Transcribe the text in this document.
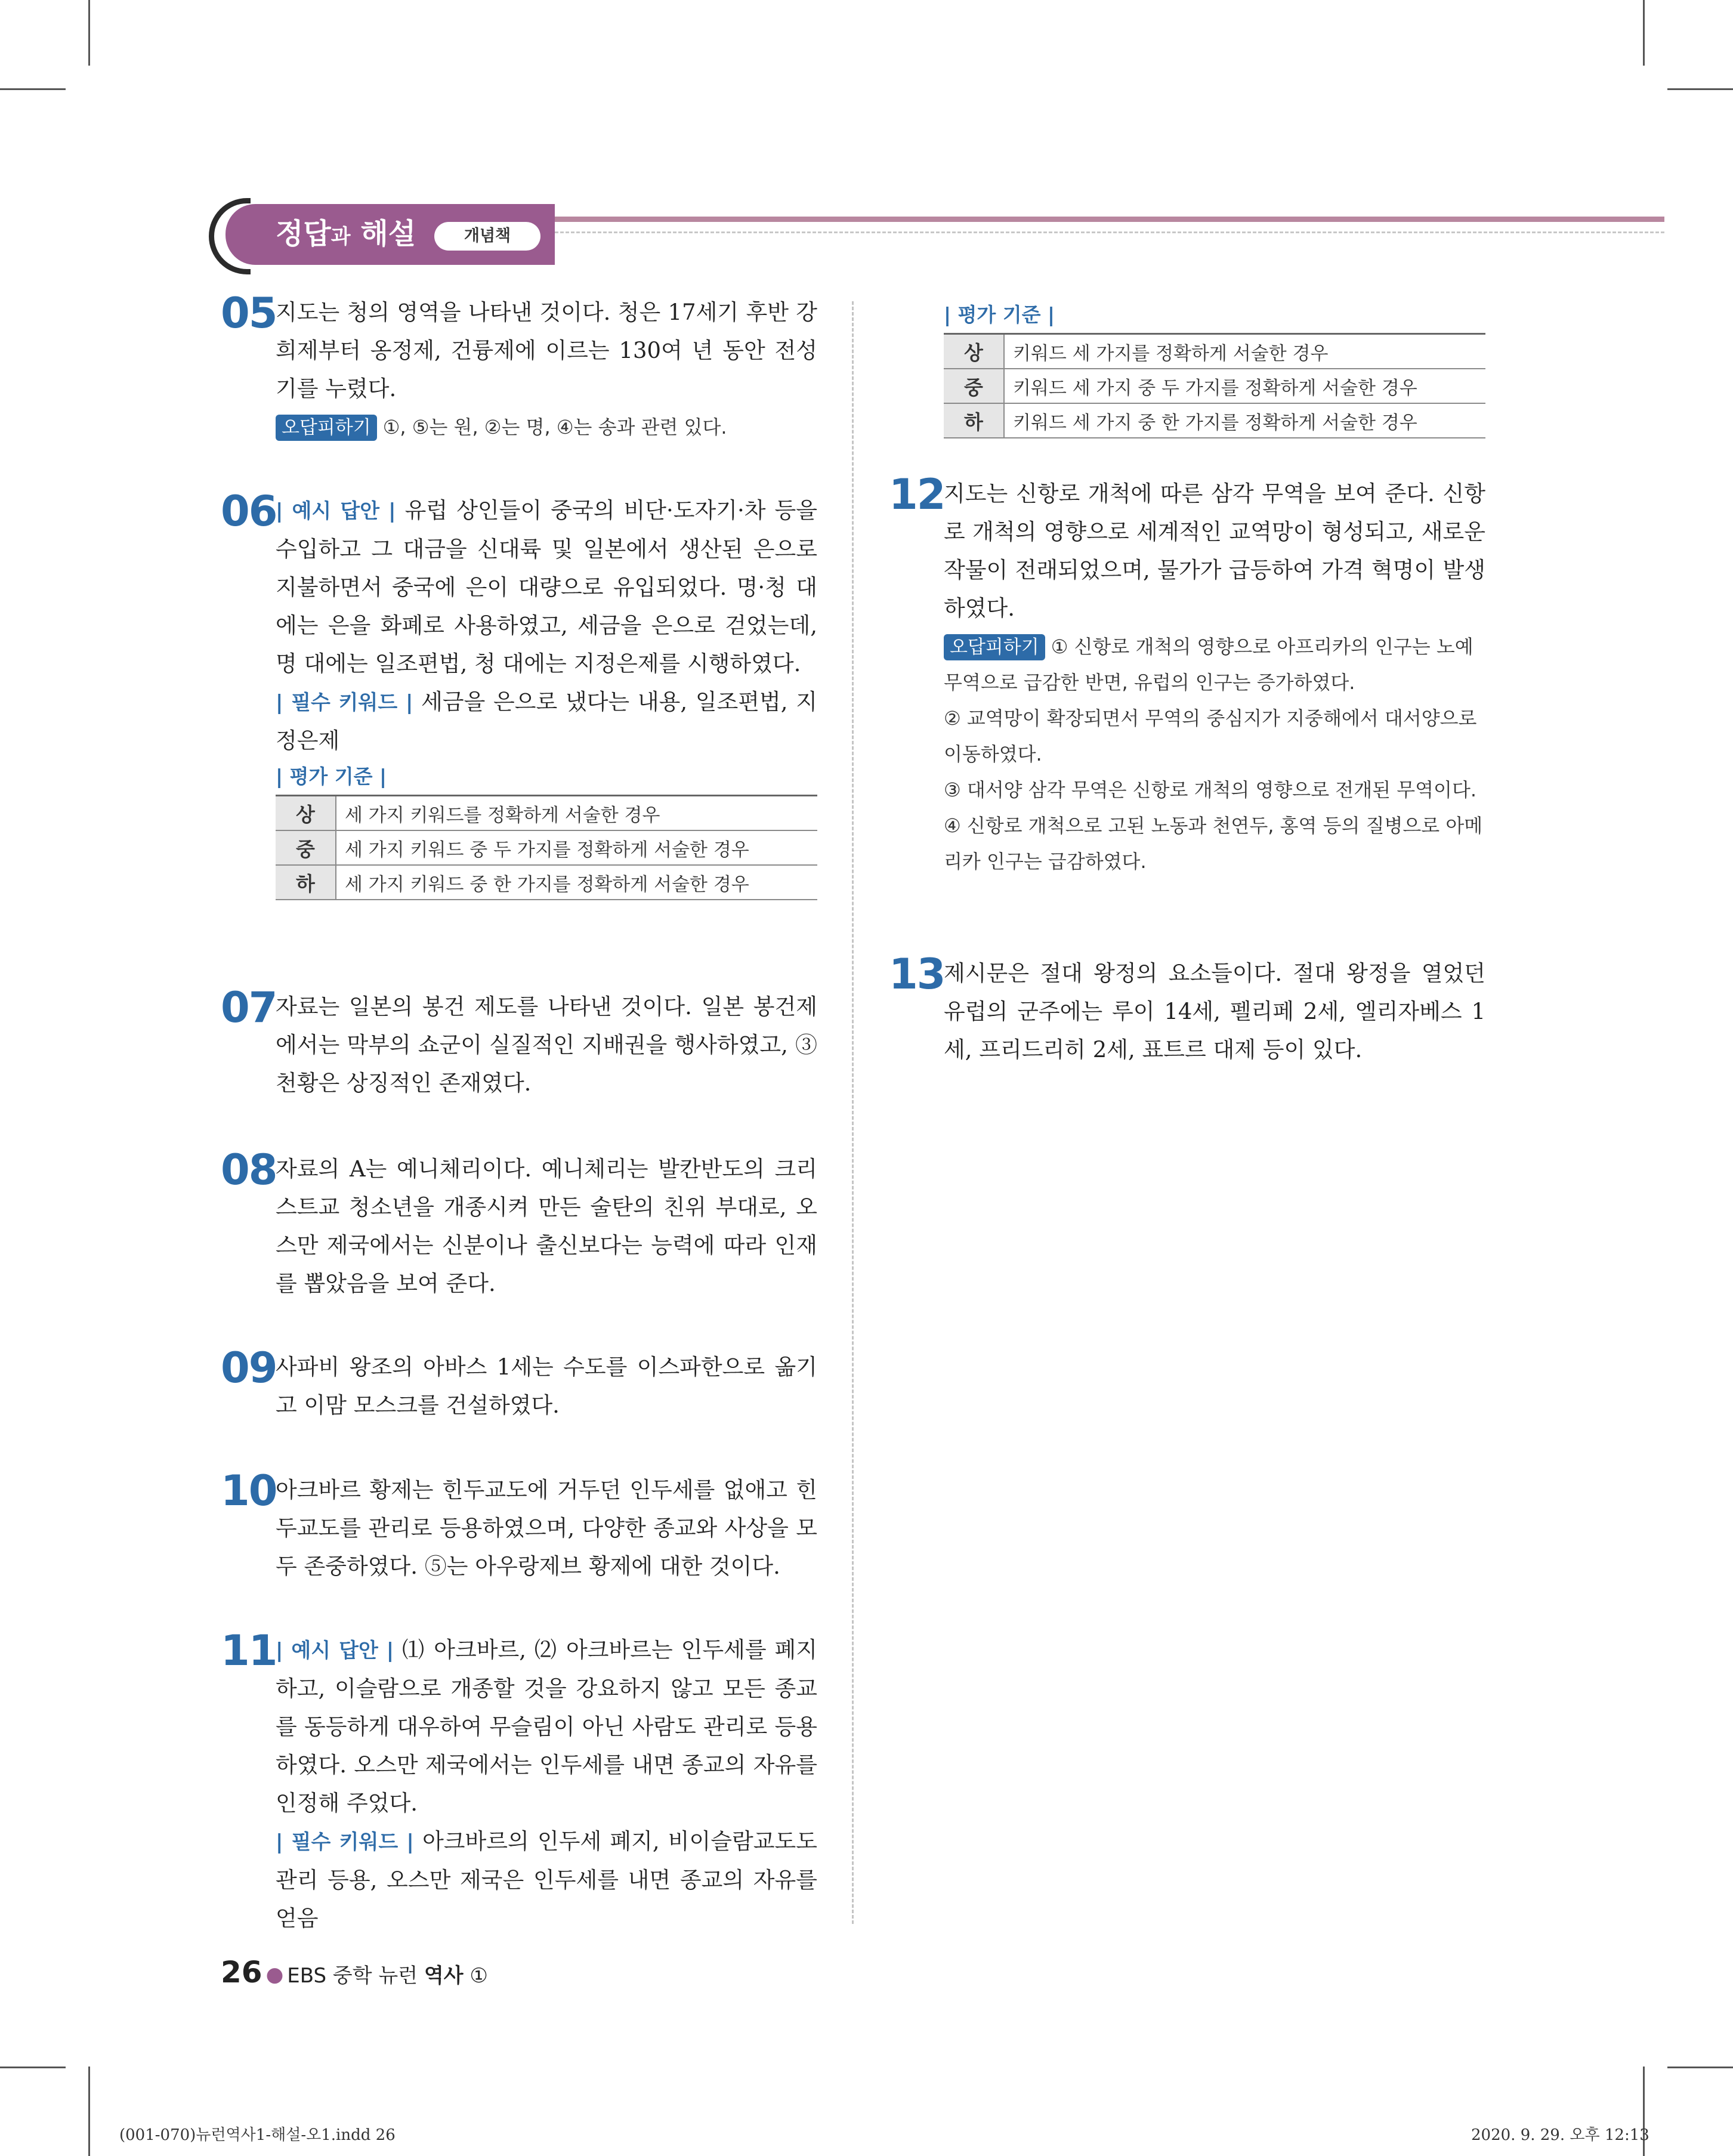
정답과 해설	개념책
05

지도는 청의 영역을 나타낸 것이다. 청은 17세기 후반 강희제부터 옹정제, 건륭제에 이르는 130여 년 동안 전성기를 누렸다.

오답피하기 ①, ⑤는 원, ②는 명, ④는 송과 관련 있다.

06

| 예시 답안 | 유럽 상인들이 중국의 비단·도자기·차 등을 수입하고 그 대금을 신대륙 및 일본에서 생산된 은으로 지불하면서 중국에 은이 대량으로 유입되었다. 명·청 대에는 은을 화폐로 사용하였고, 세금을 은으로 걷었는데, 명 대에는 일조편법, 청 대에는 지정은제를 시행하였다.

| 필수 키워드 | 세금을 은으로 냈다는 내용, 일조편법, 지정은제

| 평가 기준 |

상	세 가지 키워드를 정확하게 서술한 경우
중	세 가지 키워드 중 두 가지를 정확하게 서술한 경우
하	세 가지 키워드 중 한 가지를 정확하게 서술한 경우
07

자료는 일본의 봉건 제도를 나타낸 것이다. 일본 봉건제에서는 막부의 쇼군이 실질적인 지배권을 행사하였고, ③ 천황은 상징적인 존재였다.

08

자료의 A는 예니체리이다. 예니체리는 발칸반도의 크리스트교 청소년을 개종시켜 만든 술탄의 친위 부대로, 오스만 제국에서는 신분이나 출신보다는 능력에 따라 인재를 뽑았음을 보여 준다.

09

사파비 왕조의 아바스 1세는 수도를 이스파한으로 옮기고 이맘 모스크를 건설하였다.

10

아크바르 황제는 힌두교도에 거두던 인두세를 없애고 힌두교도를 관리로 등용하였으며, 다양한 종교와 사상을 모두 존중하였다. ⑤는 아우랑제브 황제에 대한 것이다.

11

| 예시 답안 | ⑴ 아크바르, ⑵ 아크바르는 인두세를 폐지하고, 이슬람으로 개종할 것을 강요하지 않고 모든 종교를 동등하게 대우하여 무슬림이 아닌 사람도 관리로 등용하였다. 오스만 제국에서는 인두세를 내면 종교의 자유를 인정해 주었다.

| 필수 키워드 | 아크바르의 인두세 폐지, 비이슬람교도도 관리 등용, 오스만 제국은 인두세를 내면 종교의 자유를 얻음

| 평가 기준 |

상	키워드 세 가지를 정확하게 서술한 경우
중	키워드 세 가지 중 두 가지를 정확하게 서술한 경우
하	키워드 세 가지 중 한 가지를 정확하게 서술한 경우
12

지도는 신항로 개척에 따른 삼각 무역을 보여 준다. 신항로 개척의 영향으로 세계적인 교역망이 형성되고, 새로운 작물이 전래되었으며, 물가가 급등하여 가격 혁명이 발생하였다.

오답피하기 ① 신항로 개척의 영향으로 아프리카의 인구는 노예 무역으로 급감한 반면, 유럽의 인구는 증가하였다.

② 교역망이 확장되면서 무역의 중심지가 지중해에서 대서양으로 이동하였다.

③ 대서양 삼각 무역은 신항로 개척의 영향으로 전개된 무역이다.

④ 신항로 개척으로 고된 노동과 천연두, 홍역 등의 질병으로 아메리카 인구는 급감하였다.

13

제시문은 절대 왕정의 요소들이다. 절대 왕정을 열었던 유럽의 군주에는 루이 14세, 펠리페 2세, 엘리자베스 1세, 프리드리히 2세, 표트르 대제 등이 있다.

26 ● EBS 중학 뉴런 역사 ①
(001-070)뉴런역사1-해설-오1.indd 26	2020. 9. 29. 오후 12:13
